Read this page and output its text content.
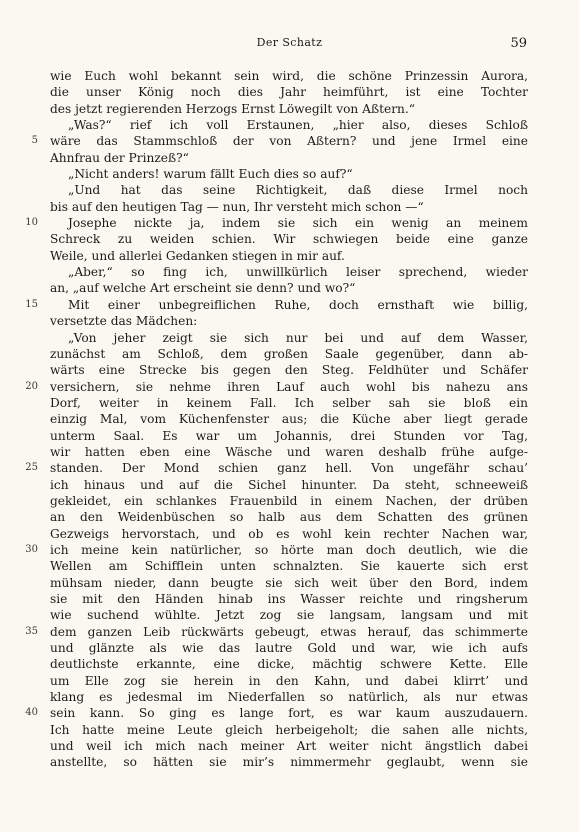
Der Schatz	59
wie Euch wohl bekannt sein wird, die schöne Prinzessin Aurora,
die unser König noch dies Jahr heimführt, ist eine Tochter
des jetzt regierenden Herzogs Ernst Löwegilt von Aßtern.“
„Was?“ rief ich voll Erstaunen, „hier also, dieses Schloß
5 wäre das Stammschloß der von Aßtern? und jene Irmel eine
Ahnfrau der Prinzeß?“
„Nicht anders! warum fällt Euch dies so auf?“
„Und hat das seine Richtigkeit, daß diese Irmel noch
bis auf den heutigen Tag — nun, Ihr versteht mich schon —“
10 Josephe nickte ja, indem sie sich ein wenig an meinem
Schreck zu weiden schien. Wir schwiegen beide eine ganze
Weile, und allerlei Gedanken stiegen in mir auf.
„Aber,“ so fing ich, unwillkürlich leiser sprechend, wieder
an, „auf welche Art erscheint sie denn? und wo?“
15 Mit einer unbegreiflichen Ruhe, doch ernsthaft wie billig,
versetzte das Mädchen:
„Von jeher zeigt sie sich nur bei und auf dem Wasser,
zunächst am Schloß, dem großen Saale gegenüber, dann ab-
wärts eine Strecke bis gegen den Steg. Feldhüter und Schäfer
20 versichern, sie nehme ihren Lauf auch wohl bis nahezu ans
Dorf, weiter in keinem Fall. Ich selber sah sie bloß ein
einzig Mal, vom Küchenfenster aus; die Küche aber liegt gerade
unterm Saal. Es war um Johannis, drei Stunden vor Tag,
wir hatten eben eine Wäsche und waren deshalb frühe aufge-
25 standen. Der Mond schien ganz hell. Von ungefähr schau’
ich hinaus und auf die Sichel hinunter. Da steht, schneeweiß
gekleidet, ein schlankes Frauenbild in einem Nachen, der drüben
an den Weidenbüschen so halb aus dem Schatten des grünen
Gezweigs hervorstach, und ob es wohl kein rechter Nachen war,
30 ich meine kein natürlicher, so hörte man doch deutlich, wie die
Wellen am Schifflein unten schnalzten. Sie kauerte sich erst
mühsam nieder, dann beugte sie sich weit über den Bord, indem
sie mit den Händen hinab ins Wasser reichte und ringsherum
wie suchend wühlte. Jetzt zog sie langsam, langsam und mit
35 dem ganzen Leib rückwärts gebeugt, etwas herauf, das schimmerte
und glänzte als wie das lautre Gold und war, wie ich aufs
deutlichste erkannte, eine dicke, mächtig schwere Kette. Elle
um Elle zog sie herein in den Kahn, und dabei klirrt’ und
klang es jedesmal im Niederfallen so natürlich, als nur etwas
40 sein kann. So ging es lange fort, es war kaum auszudauern.
Ich hatte meine Leute gleich herbeigeholt; die sahen alle nichts,
und weil ich mich nach meiner Art weiter nicht ängstlich dabei
anstellte, so hätten sie mir’s nimmermehr geglaubt, wenn sie
